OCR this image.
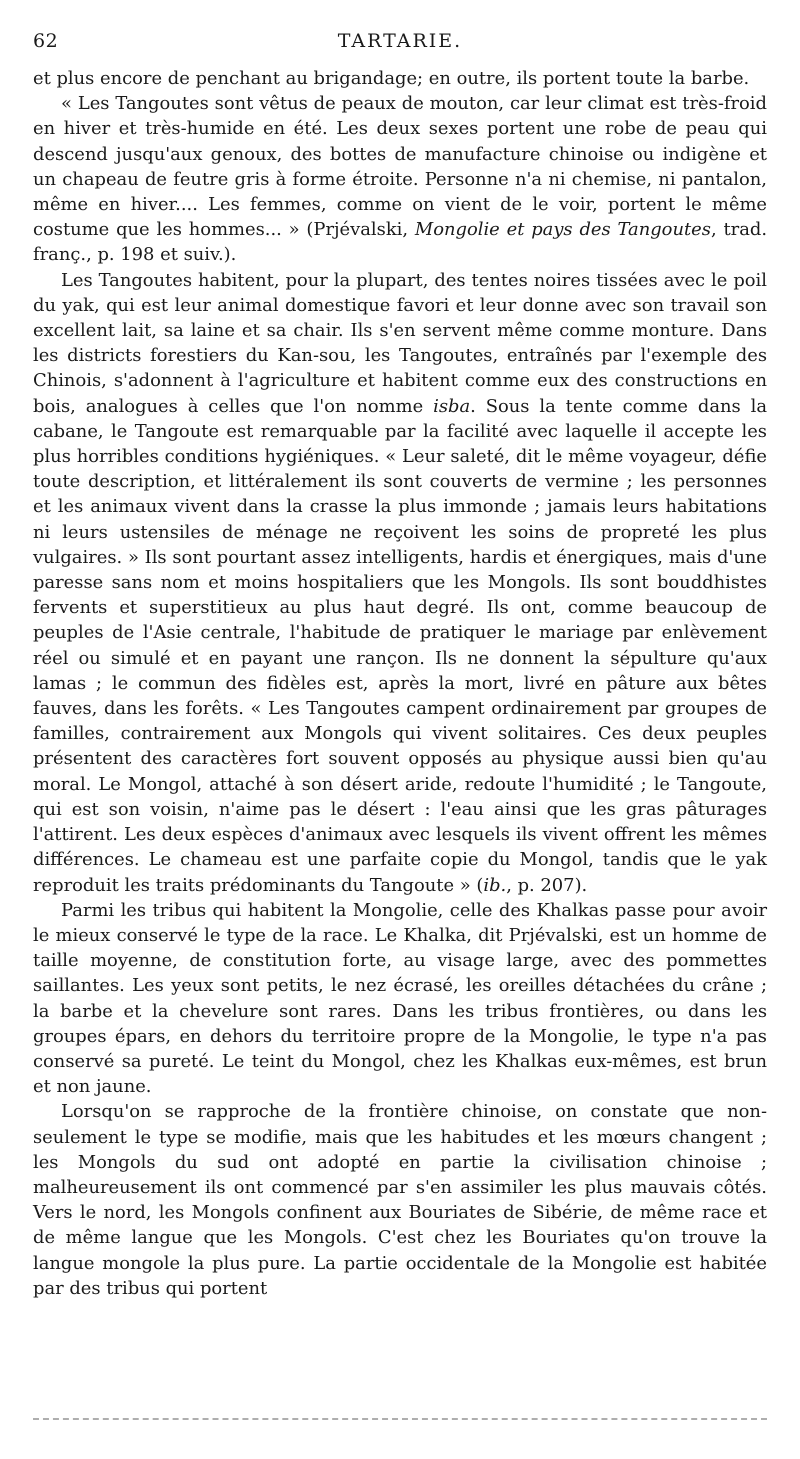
62	TARTARIE.

et plus encore de penchant au brigandage; en outre, ils portent toute la barbe.

« Les Tangoutes sont vêtus de peaux de mouton, car leur climat est très-froid en hiver et très-humide en été. Les deux sexes portent une robe de peau qui descend jusqu'aux genoux, des bottes de manufacture chinoise ou indigène et un chapeau de feutre gris à forme étroite. Personne n'a ni chemise, ni pantalon, même en hiver.... Les femmes, comme on vient de le voir, portent le même costume que les hommes... » (Prjévalski, Mongolie et pays des Tangoutes, trad. franç., p. 198 et suiv.).

Les Tangoutes habitent, pour la plupart, des tentes noires tissées avec le poil du yak, qui est leur animal domestique favori et leur donne avec son travail son excellent lait, sa laine et sa chair. Ils s'en servent même comme monture. Dans les districts forestiers du Kan-sou, les Tangoutes, entraînés par l'exemple des Chinois, s'adonnent à l'agriculture et habitent comme eux des constructions en bois, analogues à celles que l'on nomme isba. Sous la tente comme dans la cabane, le Tangoute est remarquable par la facilité avec laquelle il accepte les plus horribles conditions hygiéniques. « Leur saleté, dit le même voyageur, défie toute description, et littéralement ils sont couverts de vermine ; les personnes et les animaux vivent dans la crasse la plus immonde ; jamais leurs habitations ni leurs ustensiles de ménage ne reçoivent les soins de propreté les plus vulgaires. » Ils sont pourtant assez intelligents, hardis et énergiques, mais d'une paresse sans nom et moins hospitaliers que les Mongols. Ils sont bouddhistes fervents et superstitieux au plus haut degré. Ils ont, comme beaucoup de peuples de l'Asie centrale, l'habitude de pratiquer le mariage par enlèvement réel ou simulé et en payant une rançon. Ils ne donnent la sépulture qu'aux lamas ; le commun des fidèles est, après la mort, livré en pâture aux bêtes fauves, dans les forêts. « Les Tangoutes campent ordinairement par groupes de familles, contrairement aux Mongols qui vivent solitaires. Ces deux peuples présentent des caractères fort souvent opposés au physique aussi bien qu'au moral. Le Mongol, attaché à son désert aride, redoute l'humidité ; le Tangoute, qui est son voisin, n'aime pas le désert : l'eau ainsi que les gras pâturages l'attirent. Les deux espèces d'animaux avec lesquels ils vivent offrent les mêmes différences. Le chameau est une parfaite copie du Mongol, tandis que le yak reproduit les traits prédominants du Tangoute » (ib., p. 207).

Parmi les tribus qui habitent la Mongolie, celle des Khalkas passe pour avoir le mieux conservé le type de la race. Le Khalka, dit Prjévalski, est un homme de taille moyenne, de constitution forte, au visage large, avec des pommettes saillantes. Les yeux sont petits, le nez écrasé, les oreilles détachées du crâne ; la barbe et la chevelure sont rares. Dans les tribus frontières, ou dans les groupes épars, en dehors du territoire propre de la Mongolie, le type n'a pas conservé sa pureté. Le teint du Mongol, chez les Khalkas eux-mêmes, est brun et non jaune.

Lorsqu'on se rapproche de la frontière chinoise, on constate que non-seulement le type se modifie, mais que les habitudes et les mœurs changent ; les Mongols du sud ont adopté en partie la civilisation chinoise ; malheureusement ils ont commencé par s'en assimiler les plus mauvais côtés. Vers le nord, les Mongols confinent aux Bouriates de Sibérie, de même race et de même langue que les Mongols. C'est chez les Bouriates qu'on trouve la langue mongole la plus pure. La partie occidentale de la Mongolie est habitée par des tribus qui portent
